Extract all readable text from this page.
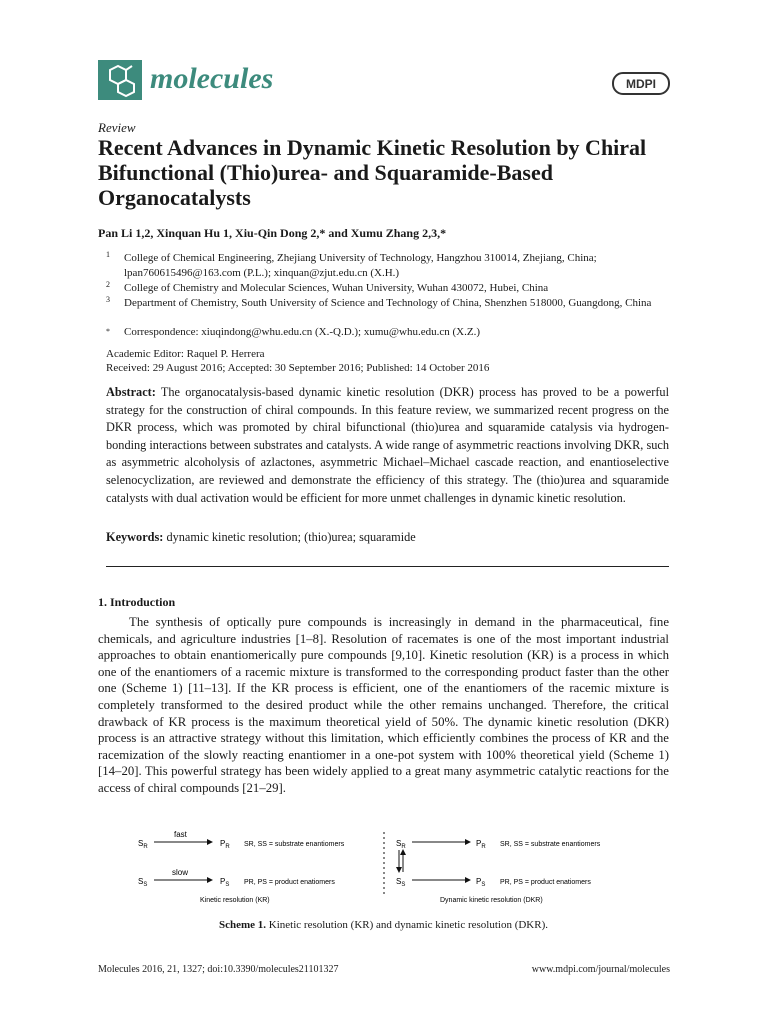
molecules	MDPI
Review
Recent Advances in Dynamic Kinetic Resolution by Chiral Bifunctional (Thio)urea- and Squaramide-Based Organocatalysts
Pan Li 1,2, Xinquan Hu 1, Xiu-Qin Dong 2,* and Xumu Zhang 2,3,*
1 College of Chemical Engineering, Zhejiang University of Technology, Hangzhou 310014, Zhejiang, China; lpan760615496@163.com (P.L.); xinquan@zjut.edu.cn (X.H.)
2 College of Chemistry and Molecular Sciences, Wuhan University, Wuhan 430072, Hubei, China
3 Department of Chemistry, South University of Science and Technology of China, Shenzhen 518000, Guangdong, China
* Correspondence: xiuqindong@whu.edu.cn (X.-Q.D.); xumu@whu.edu.cn (X.Z.)
Academic Editor: Raquel P. Herrera
Received: 29 August 2016; Accepted: 30 September 2016; Published: 14 October 2016
Abstract: The organocatalysis-based dynamic kinetic resolution (DKR) process has proved to be a powerful strategy for the construction of chiral compounds. In this feature review, we summarized recent progress on the DKR process, which was promoted by chiral bifunctional (thio)urea and squaramide catalysis via hydrogen-bonding interactions between substrates and catalysts. A wide range of asymmetric reactions involving DKR, such as asymmetric alcoholysis of azlactones, asymmetric Michael–Michael cascade reaction, and enantioselective selenocyclization, are reviewed and demonstrate the efficiency of this strategy. The (thio)urea and squaramide catalysts with dual activation would be efficient for more unmet challenges in dynamic kinetic resolution.
Keywords: dynamic kinetic resolution; (thio)urea; squaramide
1. Introduction
The synthesis of optically pure compounds is increasingly in demand in the pharmaceutical, fine chemicals, and agriculture industries [1–8]. Resolution of racemates is one of the most important industrial approaches to obtain enantiomerically pure compounds [9,10]. Kinetic resolution (KR) is a process in which one of the enantiomers of a racemic mixture is transformed to the corresponding product faster than the other one (Scheme 1) [11–13]. If the KR process is efficient, one of the enantiomers of the racemic mixture is completely transformed to the desired product while the other remains unchanged. Therefore, the critical drawback of KR process is the maximum theoretical yield of 50%. The dynamic kinetic resolution (DKR) process is an attractive strategy without this limitation, which efficiently combines the process of KR and the racemization of the slowly reacting enantiomer in a one-pot system with 100% theoretical yield (Scheme 1) [14–20]. This powerful strategy has been widely applied to a great many asymmetric catalytic reactions for the access of chiral compounds [21–29].
$S_R$
fast
$P_R$ SR, SS = substrate enantiomers
$S_S$
slow
$P_S$ PR, PS = product enatiomers
Kinetic resolution (KR)
$S_R$	$P_R$ SR, SS = substrate enantiomers
$S_S$	$P_S$ PR, PS = product enatiomers
Dynamic kinetic resolution (DKR)
Scheme 1. Kinetic resolution (KR) and dynamic kinetic resolution (DKR).
Molecules 2016, 21, 1327; doi:10.3390/molecules21101327	www.mdpi.com/journal/molecules
